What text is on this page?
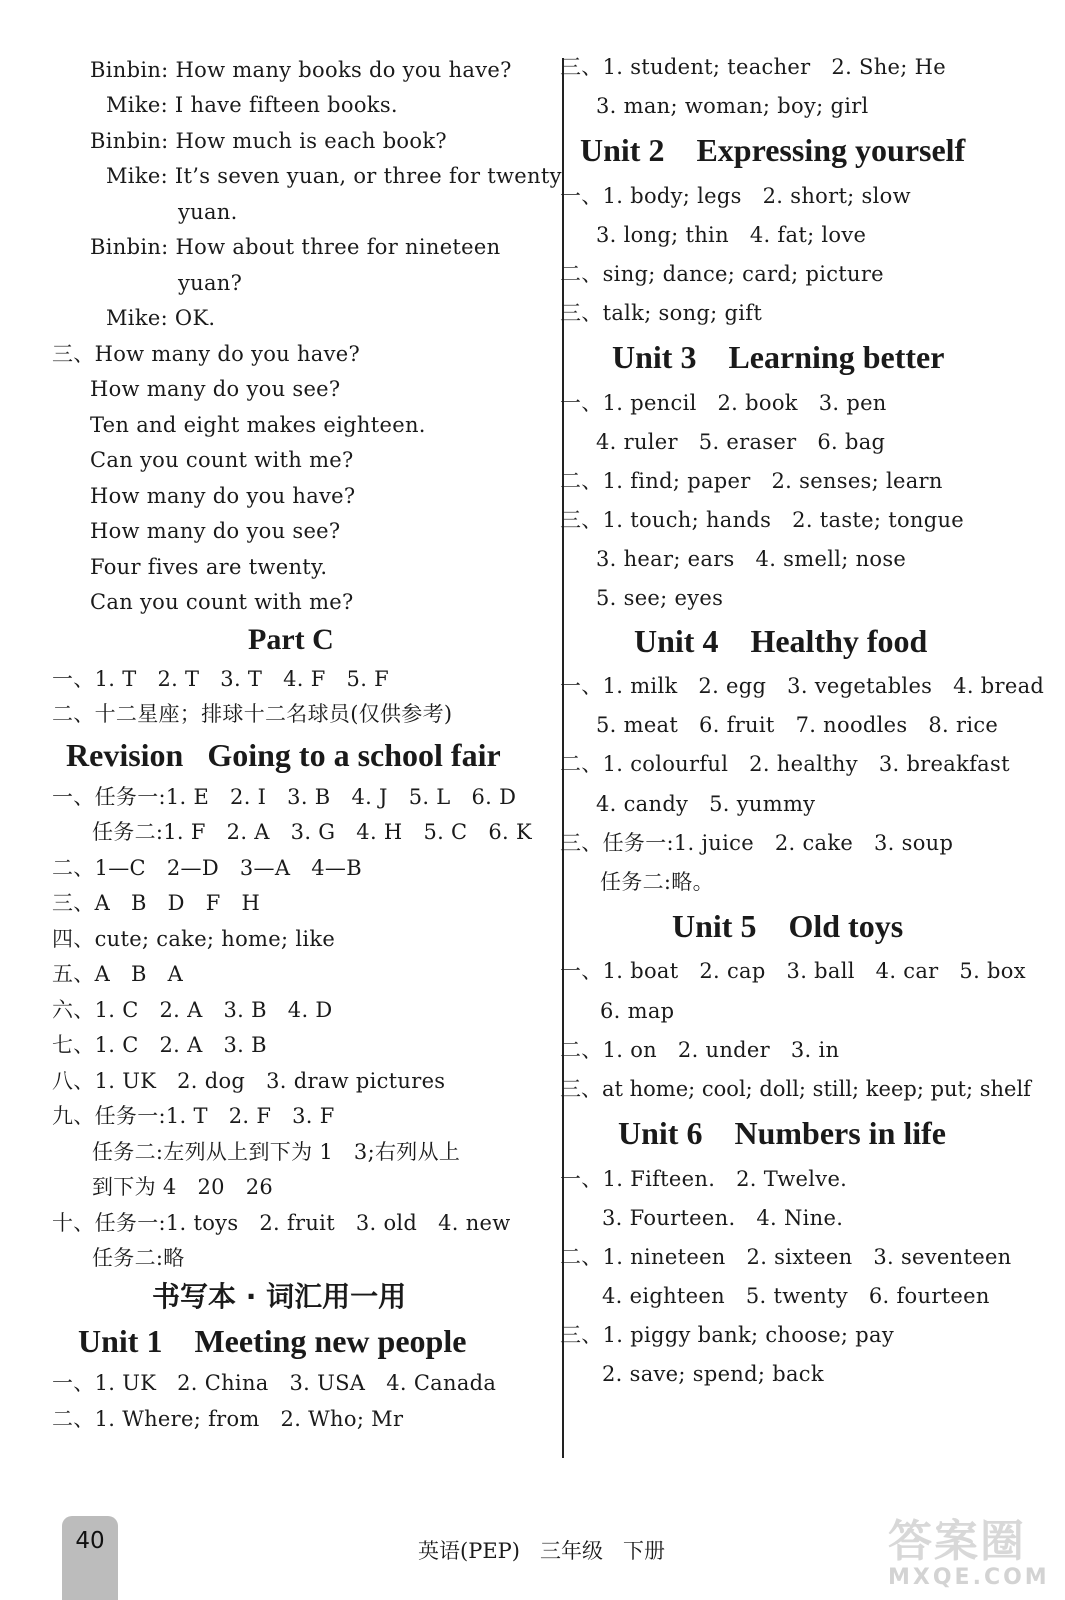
Binbin: How many books do you have?
Mike: I have fifteen books.
Binbin: How much is each book?
Mike: It’s seven yuan, or three for twenty
yuan.
Binbin: How about three for nineteen
yuan?
Mike: OK.
三、How many do you have?
How many do you see?
Ten and eight makes eighteen.
Can you count with me?
How many do you have?
How many do you see?
Four fives are twenty.
Can you count with me?
Part C
一、1. T   2. T   3. T   4. F   5. F
二、十二星座；排球十二名球员(仅供参考)
Revision   Going to a school fair
一、任务一:1. E   2. I   3. B   4. J   5. L   6. D
任务二:1. F   2. A   3. G   4. H   5. C   6. K
二、1—C   2—D   3—A   4—B
三、A   B   D   F   H
四、cute; cake; home; like
五、A   B   A
六、1. C   2. A   3. B   4. D
七、1. C   2. A   3. B
八、1. UK   2. dog   3. draw pictures
九、任务一:1. T   2. F   3. F
任务二:左列从上到下为 1   3;右列从上
到下为 4   20   26
十、任务一:1. toys   2. fruit   3. old   4. new
任务二:略
书写本 · 词汇用一用
Unit 1    Meeting new people
一、1. UK   2. China   3. USA   4. Canada
二、1. Where; from   2. Who; Mr
三、1. student; teacher   2. She; He
3. man; woman; boy; girl
Unit 2    Expressing yourself
一、1. body; legs   2. short; slow
3. long; thin   4. fat; love
二、sing; dance; card; picture
三、talk; song; gift
Unit 3    Learning better
一、1. pencil   2. book   3. pen
4. ruler   5. eraser   6. bag
二、1. find; paper   2. senses; learn
三、1. touch; hands   2. taste; tongue
3. hear; ears   4. smell; nose
5. see; eyes
Unit 4    Healthy food
一、1. milk   2. egg   3. vegetables   4. bread
5. meat   6. fruit   7. noodles   8. rice
二、1. colourful   2. healthy   3. breakfast
4. candy   5. yummy
三、任务一:1. juice   2. cake   3. soup
任务二:略。
Unit 5    Old toys
一、1. boat   2. cap   3. ball   4. car   5. box
6. map
二、1. on   2. under   3. in
三、at home; cool; doll; still; keep; put; shelf
Unit 6    Numbers in life
一、1. Fifteen.   2. Twelve.
3. Fourteen.   4. Nine.
二、1. nineteen   2. sixteen   3. seventeen
4. eighteen   5. twenty   6. fourteen
三、1. piggy bank; choose; pay
2. save; spend; back
40	英语(PEP)   三年级   下册	答案圈
MXQE.COM
